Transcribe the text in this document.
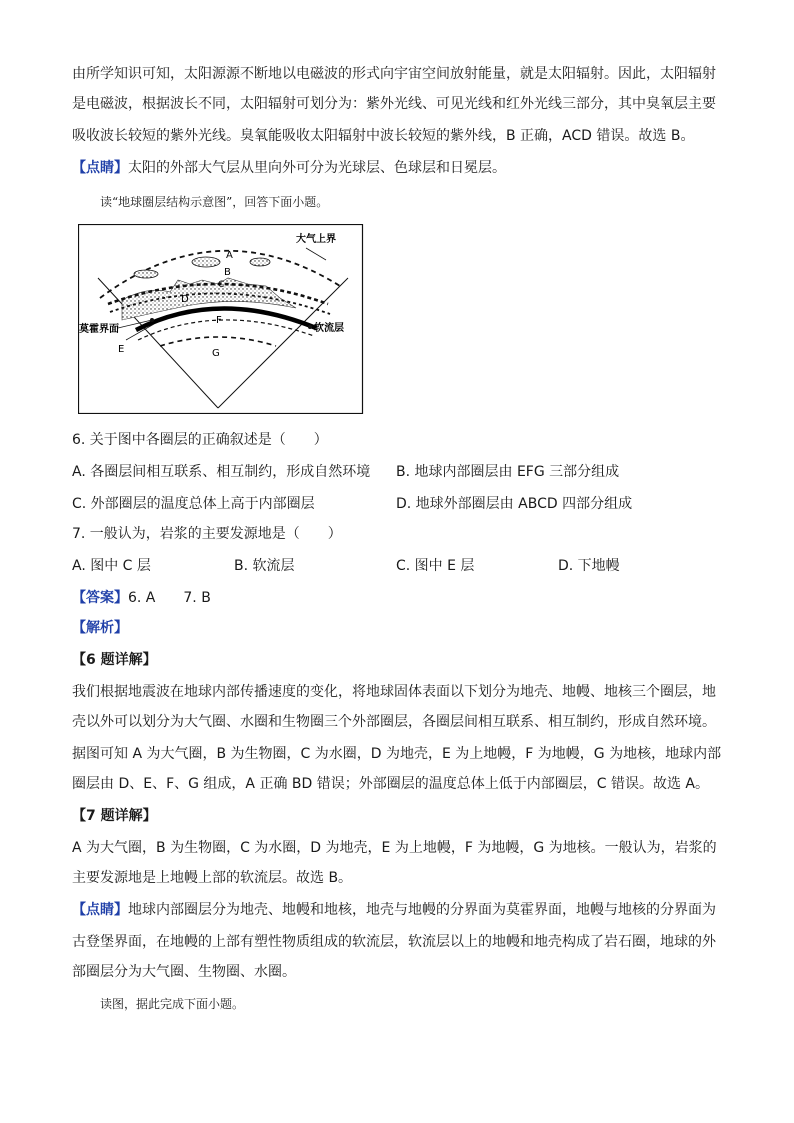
由所学知识可知，太阳源源不断地以电磁波的形式向宇宙空间放射能量，就是太阳辐射。因此，太阳辐射
是电磁波，根据波长不同，太阳辐射可划分为：紫外光线、可见光线和红外光线三部分，其中臭氧层主要
吸收波长较短的紫外光线。臭氧能吸收太阳辐射中波长较短的紫外线，B 正确，ACD 错误。故选 B。
【点睛】太阳的外部大气层从里向外可分为光球层、色球层和日冕层。
读“地球圈层结构示意图”，回答下面小题。
大气上界
A
B
C
D
莫霍界面	软流层
E
F
G
6. 关于图中各圈层的正确叙述是（　　）
A. 各圈层间相互联系、相互制约，形成自然环境 B. 地球内部圈层由 EFG 三部分组成
C. 外部圈层的温度总体上高于内部圈层	D. 地球外部圈层由 ABCD 四部分组成
7. 一般认为，岩浆的主要发源地是（　　）
A. 图中 C 层	B. 软流层	C. 图中 E 层	D. 下地幔
【答案】6. A　　7. B
【解析】
【6 题详解】
我们根据地震波在地球内部传播速度的变化，将地球固体表面以下划分为地壳、地幔、地核三个圈层，地
壳以外可以划分为大气圈、水圈和生物圈三个外部圈层，各圈层间相互联系、相互制约，形成自然环境。
据图可知 A 为大气圈，B 为生物圈，C 为水圈，D 为地壳，E 为上地幔，F 为地幔，G 为地核，地球内部
圈层由 D、E、F、G 组成，A 正确 BD 错误；外部圈层的温度总体上低于内部圈层，C 错误。故选 A。
【7 题详解】
A 为大气圈，B 为生物圈，C 为水圈，D 为地壳，E 为上地幔，F 为地幔，G 为地核。一般认为，岩浆的
主要发源地是上地幔上部的软流层。故选 B。
【点睛】地球内部圈层分为地壳、地幔和地核，地壳与地幔的分界面为莫霍界面，地幔与地核的分界面为
古登堡界面，在地幔的上部有塑性物质组成的软流层，软流层以上的地幔和地壳构成了岩石圈，地球的外
部圈层分为大气圈、生物圈、水圈。
读图，据此完成下面小题。
